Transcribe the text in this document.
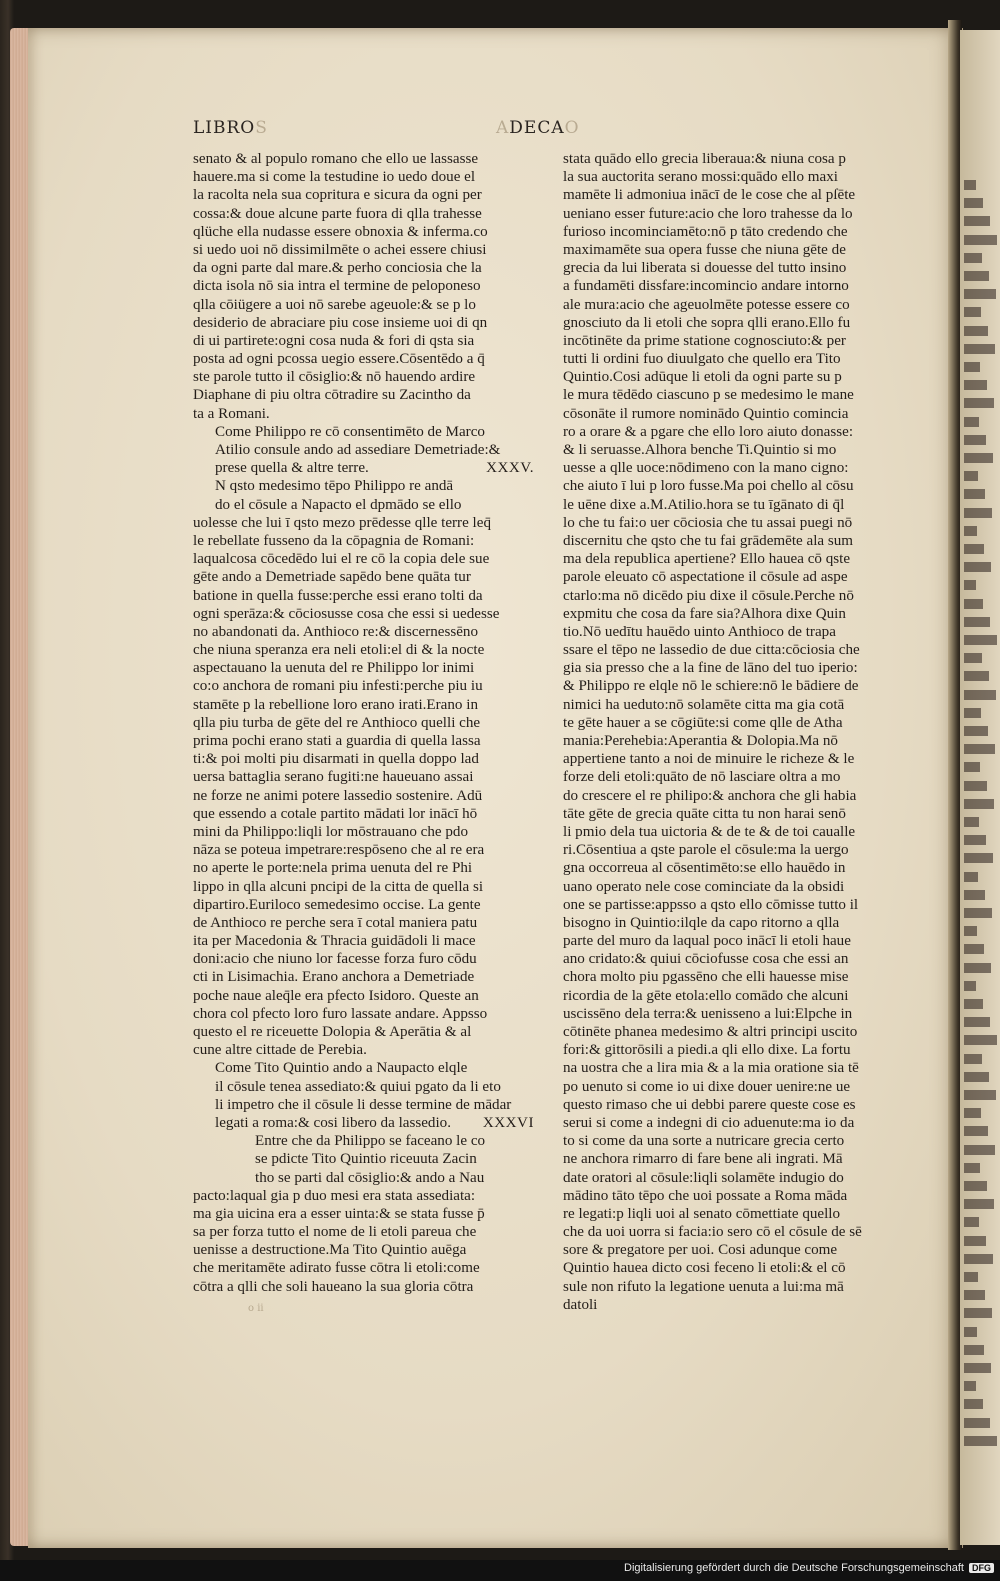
LIBROS	ADECAO
senato & al populo romano che ello ue lassasse
hauere.ma si come la testudine io uedo doue el
la racolta nela sua copritura e sicura da ogni per
cossa:& doue alcune parte fuora di qlla trahesse
qlüche ella nudasse essere obnoxia & inferma.co
si uedo uoi nō dissimilmēte o achei essere chiusi
da ogni parte dal mare.& perho conciosia che la
dicta isola nō sia intra el termine de peloponeso
qlla cōiügere a uoi nō sarebe ageuole:& se p lo
desiderio de abraciare piu cose insieme uoi di qn
di ui partirete:ogni cosa nuda & fori di qsta sia
posta ad ogni pcossa uegio essere.Cōsentēdo a q̄
ste parole tutto il cōsiglio:& nō hauendo ardire
Diaphane di piu oltra cōtradire su Zacintho da
ta a Romani.
Come Philippo re cō consentimēto de Marco
Atilio consule ando ad assediare Demetriade:&
prese quella & altre terre.	XXXV.
N qsto medesimo tēpo Philippo re andā
do el cōsule a Napacto el dpmādo se ello
uolesse che lui ī qsto mezo prēdesse qlle terre leq̄
le rebellate fusseno da la cōpagnia de Romani:
laqualcosa cōcedēdo lui el re cō la copia dele sue
gēte ando a Demetriade sapēdo bene quāta tur
batione in quella fusse:perche essi erano tolti da
ogni sperāza:& cōciosusse cosa che essi si uedesse
no abandonati da. Anthioco re:& discernessēno
che niuna speranza era neli etoli:el di & la nocte
aspectauano la uenuta del re Philippo lor inimi
co:o anchora de romani piu infesti:perche piu iu
stamēte p la rebellione loro erano irati.Erano in
qlla piu turba de gēte del re Anthioco quelli che
prima pochi erano stati a guardia di quella lassa
ti:& poi molti piu disarmati in quella doppo lad
uersa battaglia serano fugiti:ne haueuano assai
ne forze ne animi potere lassedio sostenire. Adū
que essendo a cotale partito mādati lor inācī hō
mini da Philippo:liqli lor mōstrauano che pdo
nāza se poteua impetrare:respōseno che al re era
no aperte le porte:nela prima uenuta del re Phi
lippo in qlla alcuni pncipi de la citta de quella si
dipartiro.Euriloco semedesimo occise. La gente
de Anthioco re perche sera ī cotal maniera patu
ita per Macedonia & Thracia guidādoli li mace
doni:acio che niuno lor facesse forza furo cōdu
cti in Lisimachia. Erano anchora a Demetriade
poche naue aleq̄le era pfecto Isidoro. Queste an
chora col pfecto loro furo lassate andare. Appsso
questo el re riceuette Dolopia & Aperātia & al
cune altre cittade de Perebia.
Come Tito Quintio ando a Naupacto elqle
il cōsule tenea assediato:& quiui pgato da li eto
li impetro che il cōsule li desse termine de mādar
legati a roma:& cosi libero da lassedio. XXXVI
Entre che da Philippo se faceano le co
se pdicte Tito Quintio riceuuta Zacin
tho se parti dal cōsiglio:& ando a Nau
pacto:laqual gia p duo mesi era stata assediata:
ma gia uicina era a esser uinta:& se stata fusse p̄
sa per forza tutto el nome de li etoli pareua che
uenisse a destructione.Ma Tito Quintio auēga
che meritamēte adirato fusse cōtra li etoli:come
cōtra a qlli che soli haueano la sua gloria cōtra
stata quādo ello grecia liberaua:& niuna cosa p
la sua auctorita serano mossi:quādo ello maxi
mamēte li admoniua inācī de le cose che al pſēte
ueniano esser future:acio che loro trahesse da lo
furioso incominciamēto:nō p tāto credendo che
maximamēte sua opera fusse che niuna gēte de
grecia da lui liberata si douesse del tutto insino
a fundamēti dissfare:incomincio andare intorno
ale mura:acio che ageuolmēte potesse essere co
gnosciuto da li etoli che sopra qlli erano.Ello fu
incōtinēte da prime statione cognosciuto:& per
tutti li ordini fuo diuulgato che quello era Tito
Quintio.Cosi adūque li etoli da ogni parte su p
le mura tēdēdo ciascuno p se medesimo le mane
cōsonāte il rumore nominādo Quintio comincia
ro a orare & a pgare che ello loro aiuto donasse:
& li seruasse.Alhora benche Ti.Quintio si mo
uesse a qlle uoce:nōdimeno con la mano cigno:
che aiuto ī lui p loro fusse.Ma poi chello al cōsu
le uēne dixe a.M.Atilio.hora se tu īgānato di q̄l
lo che tu fai:o uer cōciosia che tu assai puegi nō
discernitu che qsto che tu fai grādemēte ala sum
ma dela republica apertiene? Ello hauea cō qste
parole eleuato cō aspectatione il cōsule ad aspe
ctarlo:ma nō dicēdo piu dixe il cōsule.Perche nō
expmitu che cosa da fare sia?Alhora dixe Quin
tio.Nō uedītu hauēdo uinto Anthioco de trapa
ssare el tēpo ne lassedio de due citta:cōciosia che
gia sia presso che a la fine de lāno del tuo iperio:
& Philippo re elqle nō le schiere:nō le bādiere de
nimici ha ueduto:nō solamēte citta ma gia cotā
te gēte hauer a se cōgiūte:si come qlle de Atha
mania:Perehebia:Aperantia & Dolopia.Ma nō
appertiene tanto a noi de minuire le richeze & le
forze deli etoli:quāto de nō lasciare oltra a mo
do crescere el re philipo:& anchora che gli habia
tāte gēte de grecia quāte citta tu non harai senō
li pmio dela tua uictoria & de te & de toi caualle
ri.Cōsentiua a qste parole el cōsule:ma la uergo
gna occorreua al cōsentimēto:se ello hauēdo in
uano operato nele cose cominciate da la obsidi
one se partisse:appsso a qsto ello cōmisse tutto il
bisogno in Quintio:ilqle da capo ritorno a qlla
parte del muro da laqual poco inācī li etoli haue
ano cridato:& quiui cōciofusse cosa che essi an
chora molto piu pgassēno che elli hauesse mise
ricordia de la gēte etola:ello comādo che alcuni
uscissēno dela terra:& uenisseno a lui:Elpche in
cōtinēte phanea medesimo & altri principi uscito
fori:& gittorōsili a piedi.a qli ello dixe. La fortu
na uostra che a lira mia & a la mia oratione sia tē
po uenuto si come io ui dixe douer uenire:ne ue
questo rimaso che ui debbi parere queste cose es
serui si come a indegni di cio aduenute:ma io da
to si come da una sorte a nutricare grecia certo
ne anchora rimarro di fare bene ali ingrati. Mā
date oratori al cōsule:liqli solamēte indugio do
mādino tāto tēpo che uoi possate a Roma māda
re legati:p liqli uoi al senato cōmettiate quello
che da uoi uorra si facia:io sero cō el cōsule de sē
sore & pregatore per uoi. Cosi adunque come
Quintio hauea dicto cosi feceno li etoli:& el cō
sule non rifuto la legatione uenuta a lui:ma mā
datoli
o ii
Digitalisierung gefördert durch die Deutsche Forschungsgemeinschaft DFG
